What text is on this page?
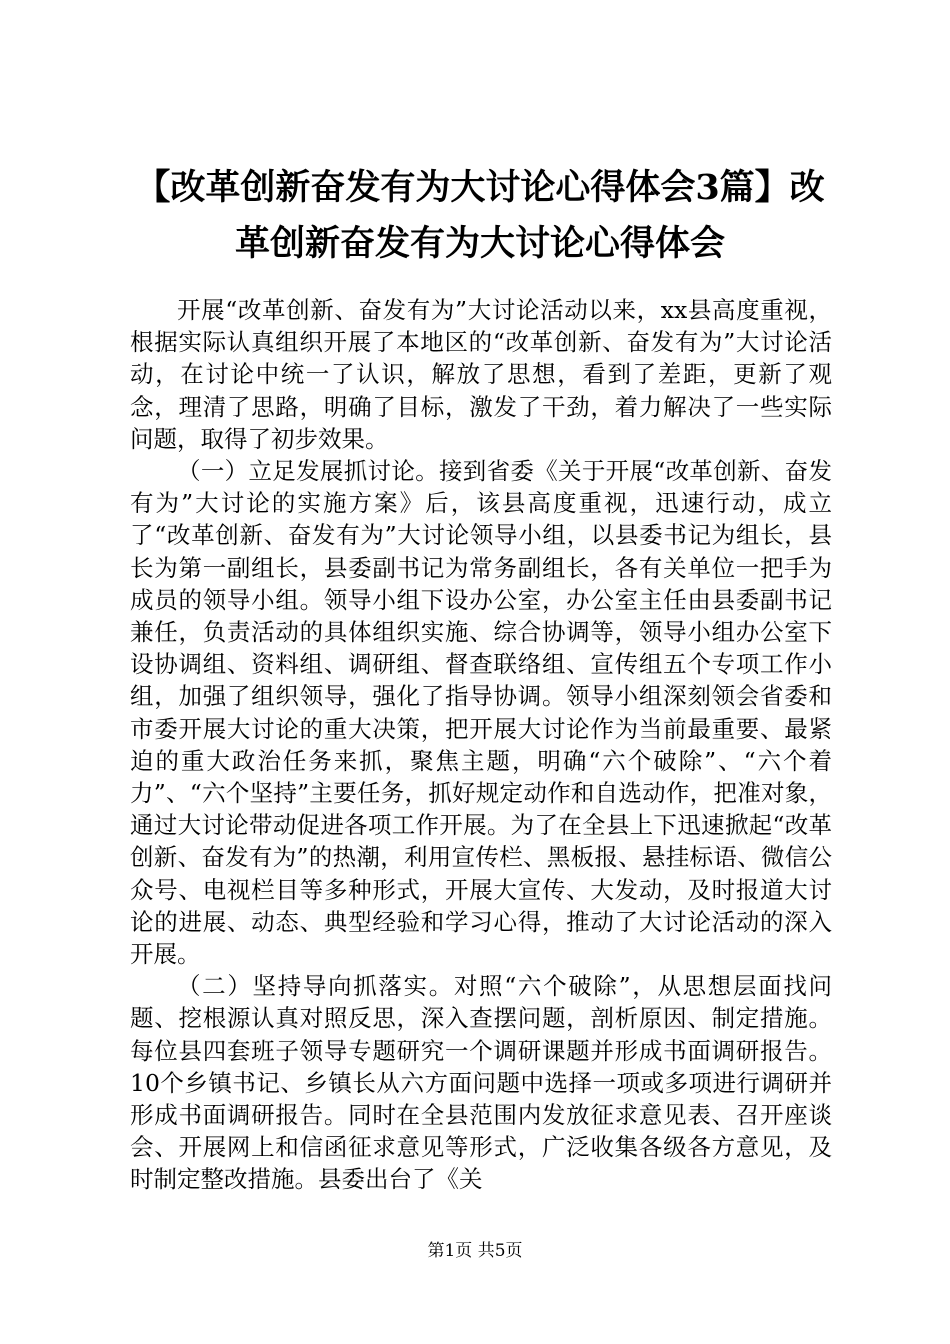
【改革创新奋发有为大讨论心得体会3篇】改革创新奋发有为大讨论心得体会

开展“改革创新、奋发有为”大讨论活动以来，xx县高度重视，根据实际认真组织开展了本地区的“改革创新、奋发有为”大讨论活动，在讨论中统一了认识，解放了思想，看到了差距，更新了观念，理清了思路，明确了目标，激发了干劲，着力解决了一些实际问题，取得了初步效果。

（一）立足发展抓讨论。接到省委《关于开展“改革创新、奋发有为”大讨论的实施方案》后，该县高度重视，迅速行动，成立了“改革创新、奋发有为”大讨论领导小组，以县委书记为组长，县长为第一副组长，县委副书记为常务副组长，各有关单位一把手为成员的领导小组。领导小组下设办公室，办公室主任由县委副书记兼任，负责活动的具体组织实施、综合协调等，领导小组办公室下设协调组、资料组、调研组、督查联络组、宣传组五个专项工作小组，加强了组织领导，强化了指导协调。领导小组深刻领会省委和市委开展大讨论的重大决策，把开展大讨论作为当前最重要、最紧迫的重大政治任务来抓，聚焦主题，明确“六个破除”、“六个着力”、“六个坚持”主要任务，抓好规定动作和自选动作，把准对象，通过大讨论带动促进各项工作开展。为了在全县上下迅速掀起“改革创新、奋发有为”的热潮，利用宣传栏、黑板报、悬挂标语、微信公众号、电视栏目等多种形式，开展大宣传、大发动，及时报道大讨论的进展、动态、典型经验和学习心得，推动了大讨论活动的深入开展。

（二）坚持导向抓落实。对照“六个破除”，从思想层面找问题、挖根源认真对照反思，深入查摆问题，剖析原因、制定措施。每位县四套班子领导专题研究一个调研课题并形成书面调研报告。10个乡镇书记、乡镇长从六方面问题中选择一项或多项进行调研并形成书面调研报告。同时在全县范围内发放征求意见表、召开座谈会、开展网上和信函征求意见等形式，广泛收集各级各方意见，及时制定整改措施。县委出台了《关

第1页 共5页
